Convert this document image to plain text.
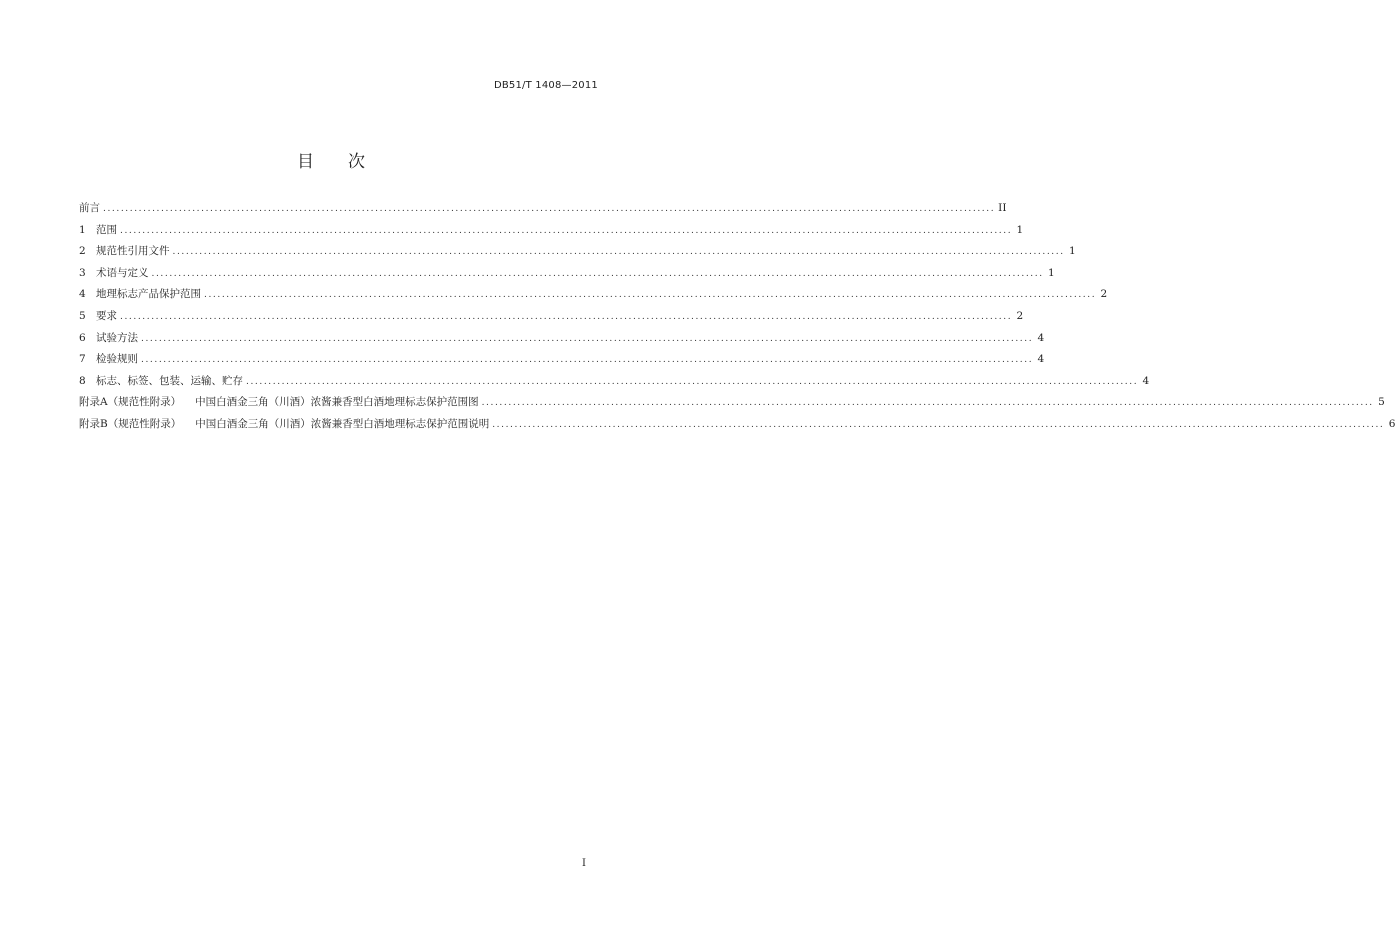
DB51/T 1408—2011
目次
前言 ........................................................................................................................................................................................................ II
1 范围 ........................................................................................................................................................................................................ 1
2 规范性引用文件 ........................................................................................................................................................................................................ 1
3 术语与定义 ........................................................................................................................................................................................................ 1
4 地理标志产品保护范围 ........................................................................................................................................................................................................ 2
5 要求 ........................................................................................................................................................................................................ 2
6 试验方法 ........................................................................................................................................................................................................ 4
7 检验规则 ........................................................................................................................................................................................................ 4
8 标志、标签、包装、运输、贮存 ........................................................................................................................................................................................................ 4
附录A（规范性附录） 中国白酒金三角（川酒）浓酱兼香型白酒地理标志保护范围图 ........................................................................................................................................................................................................ 5
附录B（规范性附录） 中国白酒金三角（川酒）浓酱兼香型白酒地理标志保护范围说明 ........................................................................................................................................................................................................ 6
I
